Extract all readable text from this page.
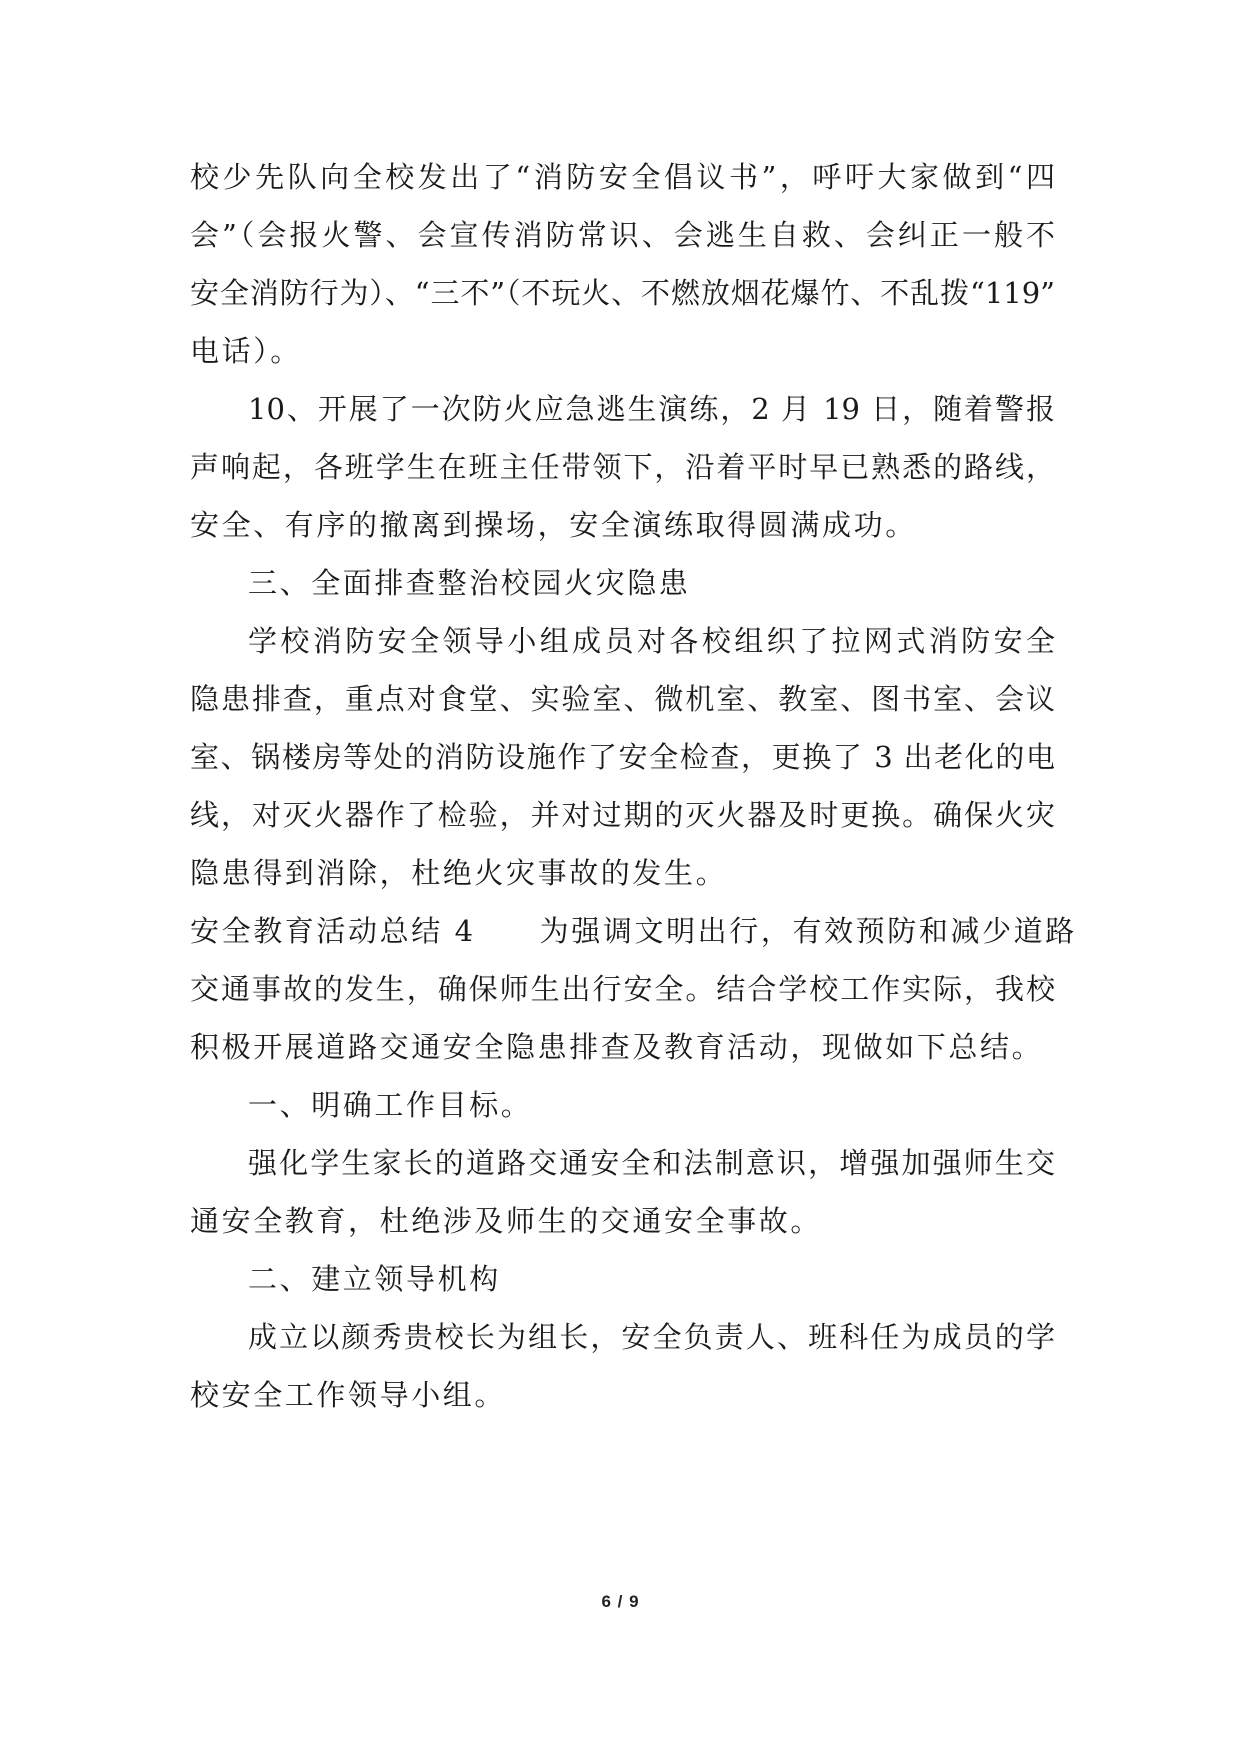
校少先队向全校发出了“消防安全倡议书”，呼吁大家做到“四
会”（会报火警、会宣传消防常识、会逃生自救、会纠正一般不
安全消防行为）、“三不”（不玩火、不燃放烟花爆竹、不乱拨“119”
电话）。
10、开展了一次防火应急逃生演练，2 月 19 日，随着警报
声响起，各班学生在班主任带领下，沿着平时早已熟悉的路线，
安全、有序的撤离到操场，安全演练取得圆满成功。
三、全面排查整治校园火灾隐患
学校消防安全领导小组成员对各校组织了拉网式消防安全
隐患排查，重点对食堂、实验室、微机室、教室、图书室、会议
室、锅楼房等处的消防设施作了安全检查，更换了 3 出老化的电
线，对灭火器作了检验，并对过期的灭火器及时更换。确保火灾
隐患得到消除，杜绝火灾事故的发生。
安全教育活动总结 4 为强调文明出行，有效预防和减少道路
交通事故的发生，确保师生出行安全。结合学校工作实际，我校
积极开展道路交通安全隐患排查及教育活动，现做如下总结。
一、明确工作目标。
强化学生家长的道路交通安全和法制意识，增强加强师生交
通安全教育，杜绝涉及师生的交通安全事故。
二、建立领导机构
成立以颜秀贵校长为组长，安全负责人、班科任为成员的学
校安全工作领导小组。
6 / 9
